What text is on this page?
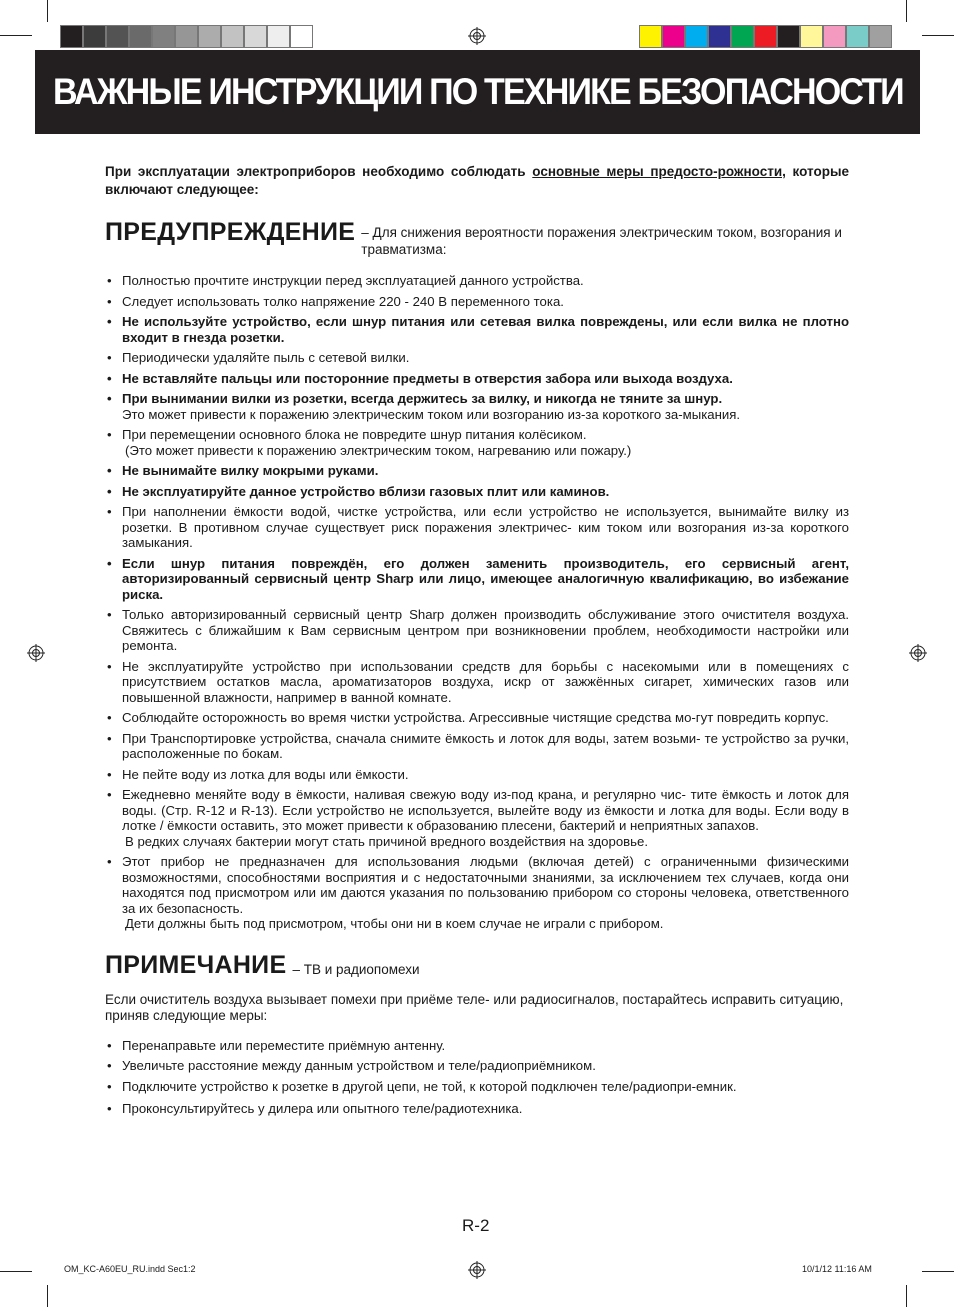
ВАЖНЫЕ ИНСТРУКЦИИ ПО ТЕХНИКЕ БЕЗОПАСНОСТИ

При эксплуатации электроприборов необходимо соблюдать основные меры предосто-рожности, которые включают следующее:

ПРЕДУПРЕЖДЕНИЕ – Для снижения вероятности поражения электрическим током, возгорания и травматизма:
• Полностью прочтите инструкции перед эксплуатацией данного устройства.
• Следует использовать толко напряжение 220 - 240 В переменного тока.
• Не используйте устройство, если шнур питания или сетевая вилка повреждены, или если вилка не плотно входит в гнезда розетки.
• Периодически удаляйте пыль с сетевой вилки.
• Не вставляйте пальцы или посторонние предметы в отверстия забора или выхода воздуха.
• При вынимании вилки из розетки, всегда держитесь за вилку, и никогда не тяните за шнур.
Это может привести к поражению электрическим током или возгоранию из-за короткого за-мыкания.
• При перемещении основного блока не повредите шнур питания колёсиком.
(Это может привести к поражению электрическим током, нагреванию или пожару.)
• Не вынимайте вилку мокрыми руками.
• Не эксплуатируйте данное устройство вблизи газовых плит или каминов.
• При наполнении ёмкости водой, чистке устройства, или если устройство не используется, вынимайте вилку из розетки. В противном случае существует риск поражения электричес- ким током или возгорания из-за короткого замыкания.
• Если шнур питания повреждён, его должен заменить производитель, его сервисный агент, авторизированный сервисный центр Sharp или лицо, имеющее аналогичную квалификацию, во избежание риска.
• Только авторизированный сервисный центр Sharp должен производить обслуживание этого очистителя воздуха. Свяжитесь с ближайшим к Вам сервисным центром при возникновении проблем, необходимости настройки или ремонта.
• Не эксплуатируйте устройство при использовании средств для борьбы с насекомыми или в помещениях с присутствием остатков масла, ароматизаторов воздуха, искр от зажжённых сигарет, химических газов или повышенной влажности, например в ванной комнате.
• Соблюдайте осторожность во время чистки устройства. Агрессивные чистящие средства мо-гут повредить корпус.
• При Транспортировке устройства, сначала снимите ёмкость и лоток для воды, затем возьми- те устройство за ручки, расположенные по бокам.
• Не пейте воду из лотка для воды или ёмкости.
• Ежедневно меняйте воду в ёмкости, наливая свежую воду из-под крана, и регулярно чис- тите ёмкость и лоток для воды. (Стр. R-12 и R-13). Если устройство не используется, вылейте воду из ёмкости и лотка для воды. Если воду в лотке / ёмкости оставить, это может привести к образованию плесени, бактерий и неприятных запахов.
В редких случаях бактерии могут стать причиной вредного воздействия на здоровье.
• Этот прибор не предназначен для использования людьми (включая детей) с ограниченными физическими возможностями, способностями восприятия и с недостаточными знаниями, за исключением тех случаев, когда они находятся под присмотром или им даются указания по пользованию прибором со стороны человека, ответственного за их безопасность.
Дети должны быть под присмотром, чтобы они ни в коем случае не играли с прибором.
ПРИМЕЧАНИЕ – ТВ и радиопомехи

Если очиститель воздуха вызывает помехи при приёме теле- или радиосигналов, постарайтесь исправить ситуацию, приняв следующие меры:

• Перенаправьте или переместите приёмную антенну.
• Увеличьте расстояние между данным устройством и теле/радиоприёмником.
• Подключите устройство к розетке в другой цепи, не той, к которой подключен теле/радиопри-емник.
• Проконсультируйтесь у дилера или опытного теле/радиотехника.
R-2
OM_KC-A60EU_RU.indd Sec1:2	10/1/12 11:16 AM
